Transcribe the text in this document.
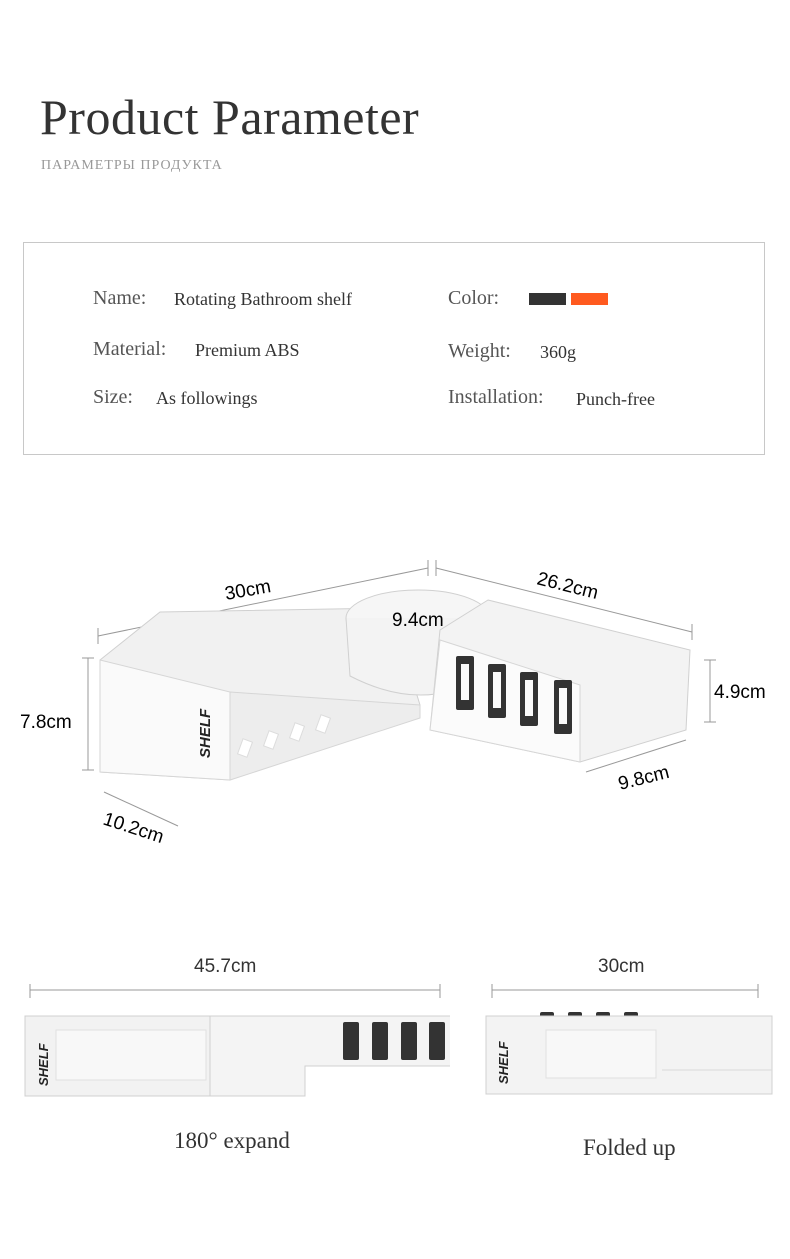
Product Parameter
ПАРАМЕТРЫ ПРОДУКТА
Name: Rotating Bathroom shelf
Material: Premium ABS
Size: As followings
Color:
Weight: 360g
Installation: Punch-free
SHELF
30cm	26.2cm
9.4cm
7.8cm
4.9cm
10.2cm
9.8cm
45.7cm
SHELF
180° expand
30cm
SHELF
Folded up
